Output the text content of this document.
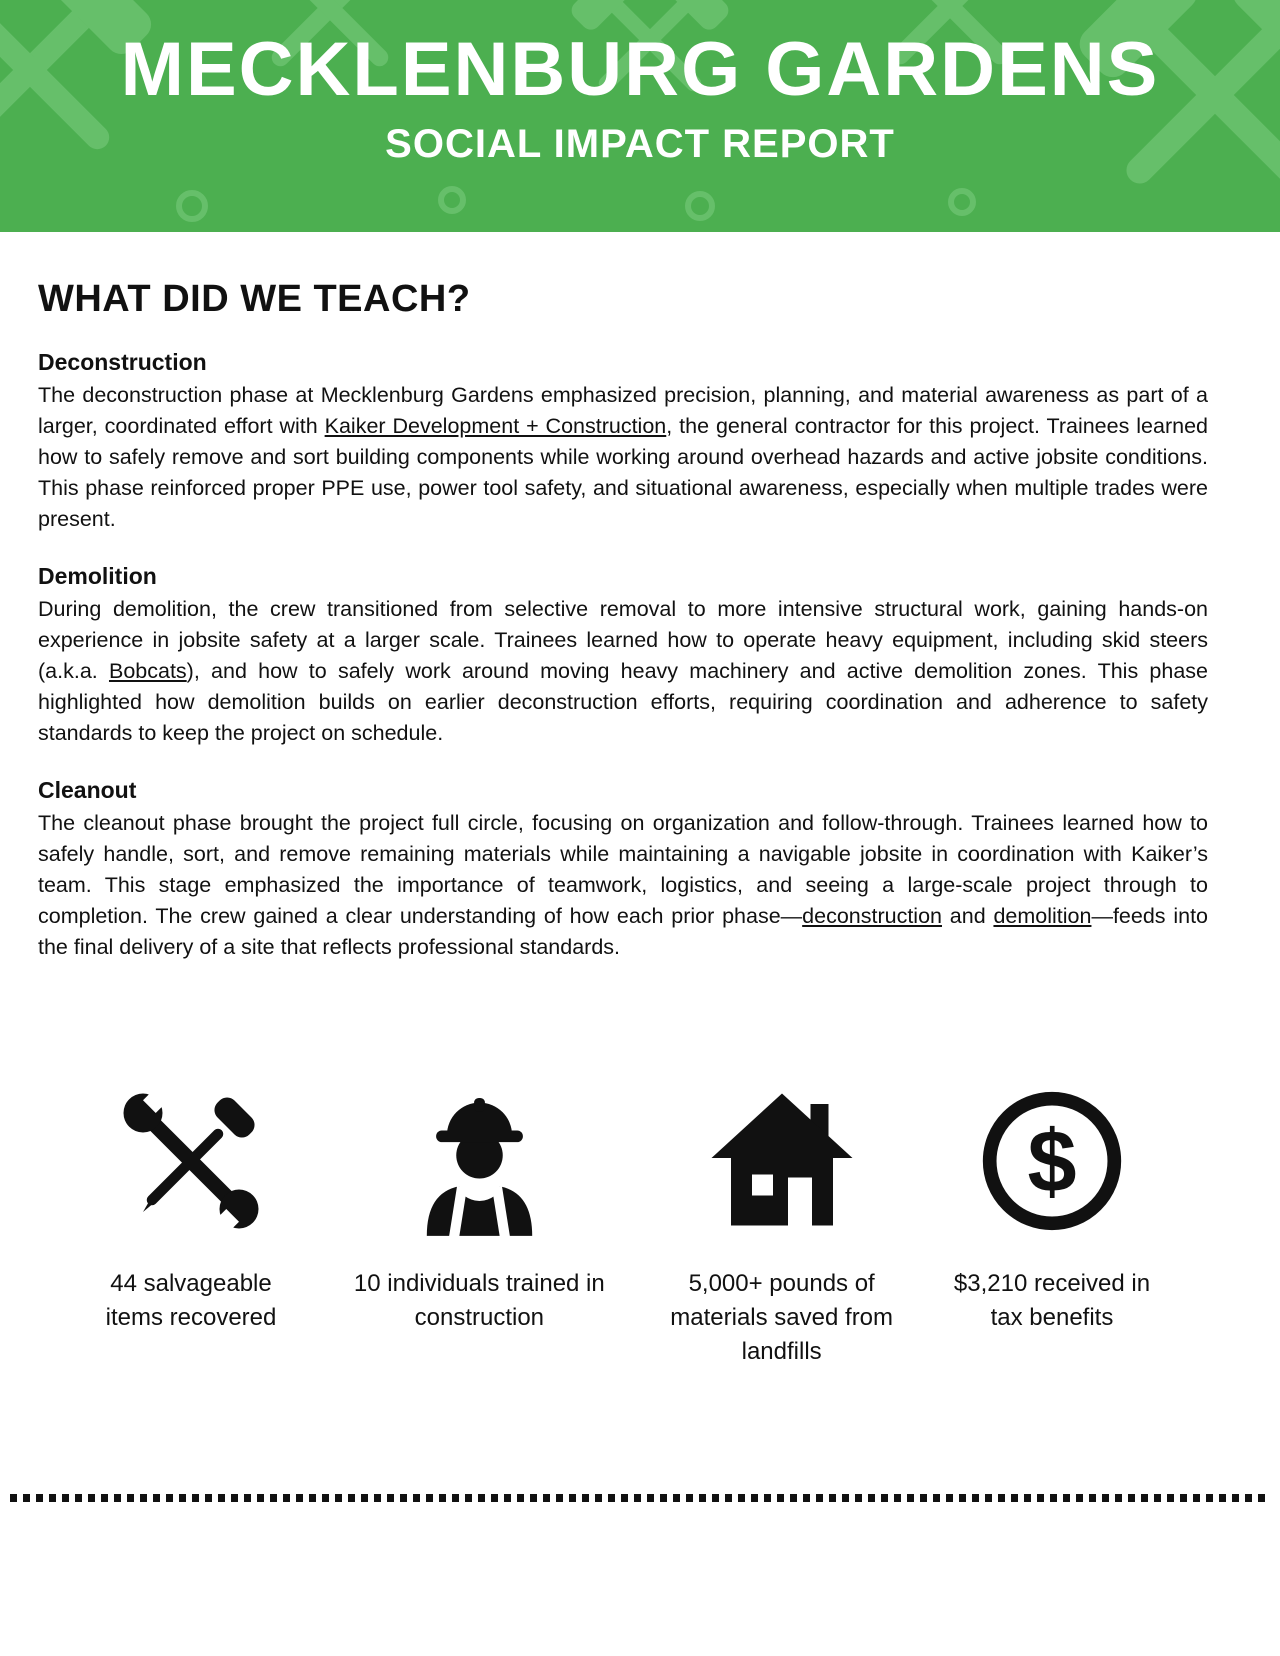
MECKLENBURG GARDENS
SOCIAL IMPACT REPORT
WHAT DID WE TEACH?
Deconstruction

The deconstruction phase at Mecklenburg Gardens emphasized precision, planning, and material awareness as part of a larger, coordinated effort with Kaiker Development + Construction, the general contractor for this project. Trainees learned how to safely remove and sort building components while working around overhead hazards and active jobsite conditions. This phase reinforced proper PPE use, power tool safety, and situational awareness, especially when multiple trades were present.

Demolition

During demolition, the crew transitioned from selective removal to more intensive structural work, gaining hands-on experience in jobsite safety at a larger scale. Trainees learned how to operate heavy equipment, including skid steers (a.k.a. Bobcats), and how to safely work around moving heavy machinery and active demolition zones. This phase highlighted how demolition builds on earlier deconstruction efforts, requiring coordination and adherence to safety standards to keep the project on schedule.

Cleanout

The cleanout phase brought the project full circle, focusing on organization and follow-through. Trainees learned how to safely handle, sort, and remove remaining materials while maintaining a navigable jobsite in coordination with Kaiker’s team. This stage emphasized the importance of teamwork, logistics, and seeing a large-scale project through to completion. The crew gained a clear understanding of how each prior phase—deconstruction and demolition—feeds into the final delivery of a site that reflects professional standards.

44 salvageable items recovered
10 individuals trained in construction
5,000+ pounds of materials saved from landfills
$
$3,210 received in tax benefits
